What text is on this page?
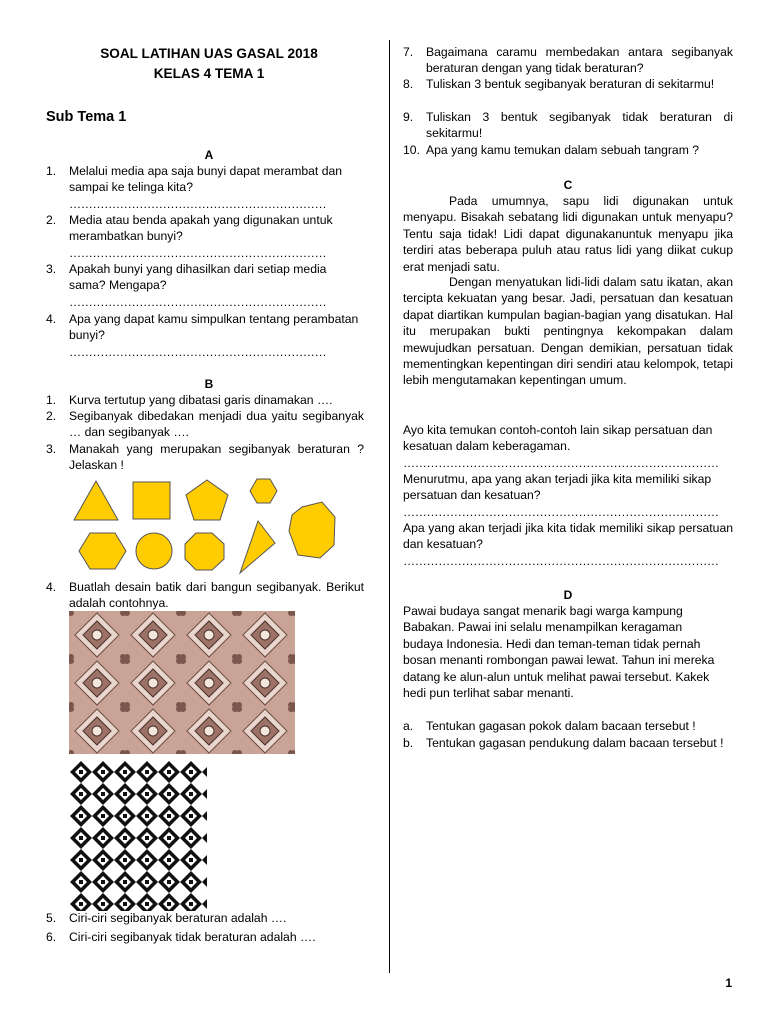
SOAL LATIHAN UAS GASAL 2018
KELAS 4 TEMA 1
Sub Tema 1
A
1.	Melalui media apa saja bunyi dapat merambat dan sampai ke telinga kita?
…………………………………………………………
2.	Media atau benda apakah yang digunakan untuk merambatkan bunyi?
…………………………………………………………
3.	Apakah bunyi yang dihasilkan dari setiap media sama? Mengapa?
…………………………………………………………
4.	Apa yang dapat kamu simpulkan tentang perambatan bunyi?
…………………………………………………………
B
1.	Kurva tertutup yang dibatasi garis dinamakan ….
2.	Segibanyak dibedakan menjadi dua yaitu segibanyak … dan segibanyak ….
3.	Manakah yang merupakan segibanyak beraturan ? Jelaskan !
4.	Buatlah desain batik dari bangun segibanyak. Berikut adalah contohnya.
5.	Ciri-ciri segibanyak beraturan adalah ….
6.	Ciri-ciri segibanyak tidak beraturan adalah ….
7.	Bagaimana caramu membedakan antara segibanyak beraturan dengan yang tidak beraturan?
8.	Tuliskan 3 bentuk segibanyak beraturan di sekitarmu!
9.	Tuliskan 3 bentuk segibanyak tidak beraturan di sekitarmu!
10. Apa yang kamu temukan dalam sebuah tangram ?
C
Pada umumnya, sapu lidi digunakan untuk menyapu. Bisakah sebatang lidi digunakan untuk menyapu? Tentu saja tidak! Lidi dapat digunakanuntuk menyapu jika terdiri atas beberapa puluh atau ratus lidi yang diikat cukup erat menjadi satu.
Dengan menyatukan lidi-lidi dalam satu ikatan, akan tercipta kekuatan yang besar. Jadi, persatuan dan kesatuan dapat diartikan kumpulan bagian-bagian yang disatukan. Hal itu merupakan bukti pentingnya kekompakan dalam mewujudkan persatuan. Dengan demikian, persatuan tidak mementingkan kepentingan diri sendiri atau kelompok, tetapi lebih mengutamakan kepentingan umum.
Ayo kita temukan contoh-contoh lain sikap persatuan dan kesatuan dalam keberagaman.
………………………………………………………………………
Menurutmu, apa yang akan terjadi jika kita memiliki sikap persatuan dan kesatuan?
………………………………………………………………………
Apa yang akan terjadi jika kita tidak memiliki sikap persatuan dan kesatuan?
………………………………………………………………………
D
Pawai budaya sangat menarik bagi warga kampung Babakan. Pawai ini selalu menampilkan keragaman budaya Indonesia. Hedi dan teman-teman tidak pernah bosan menanti rombongan pawai lewat. Tahun ini mereka datang ke alun-alun untuk melihat pawai tersebut. Kakek hedi pun terlihat sabar menanti.
a.	Tentukan gagasan pokok dalam bacaan tersebut !
b.	Tentukan gagasan pendukung dalam bacaan tersebut !
1
